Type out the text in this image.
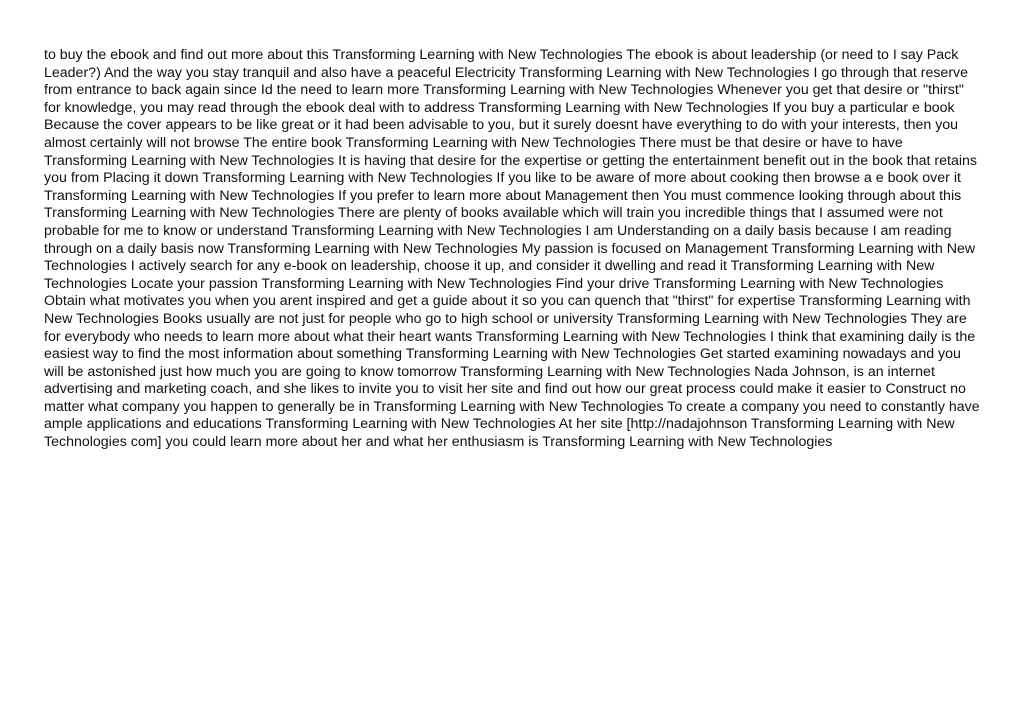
to buy the ebook and find out more about this Transforming Learning with New Technologies The ebook is about leadership (or need to I say Pack Leader?) And the way you stay tranquil and also have a peaceful Electricity Transforming Learning with New Technologies I go through that reserve from entrance to back again since Id the need to learn more Transforming Learning with New Technologies Whenever you get that desire or "thirst" for knowledge, you may read through the ebook deal with to address Transforming Learning with New Technologies If you buy a particular e book Because the cover appears to be like great or it had been advisable to you, but it surely doesnt have everything to do with your interests, then you almost certainly will not browse The entire book Transforming Learning with New Technologies There must be that desire or have to have Transforming Learning with New Technologies It is having that desire for the expertise or getting the entertainment benefit out in the book that retains you from Placing it down Transforming Learning with New Technologies If you like to be aware of more about cooking then browse a e book over it Transforming Learning with New Technologies If you prefer to learn more about Management then You must commence looking through about this Transforming Learning with New Technologies There are plenty of books available which will train you incredible things that I assumed were not probable for me to know or understand Transforming Learning with New Technologies I am Understanding on a daily basis because I am reading through on a daily basis now Transforming Learning with New Technologies My passion is focused on Management Transforming Learning with New Technologies I actively search for any e-book on leadership, choose it up, and consider it dwelling and read it Transforming Learning with New Technologies Locate your passion Transforming Learning with New Technologies Find your drive Transforming Learning with New Technologies Obtain what motivates you when you arent inspired and get a guide about it so you can quench that "thirst" for expertise Transforming Learning with New Technologies Books usually are not just for people who go to high school or university Transforming Learning with New Technologies They are for everybody who needs to learn more about what their heart wants Transforming Learning with New Technologies I think that examining daily is the easiest way to find the most information about something Transforming Learning with New Technologies Get started examining nowadays and you will be astonished just how much you are going to know tomorrow Transforming Learning with New Technologies Nada Johnson, is an internet advertising and marketing coach, and she likes to invite you to visit her site and find out how our great process could make it easier to Construct no matter what company you happen to generally be in Transforming Learning with New Technologies To create a company you need to constantly have ample applications and educations Transforming Learning with New Technologies At her site [http://nadajohnson Transforming Learning with New Technologies com] you could learn more about her and what her enthusiasm is Transforming Learning with New Technologies
